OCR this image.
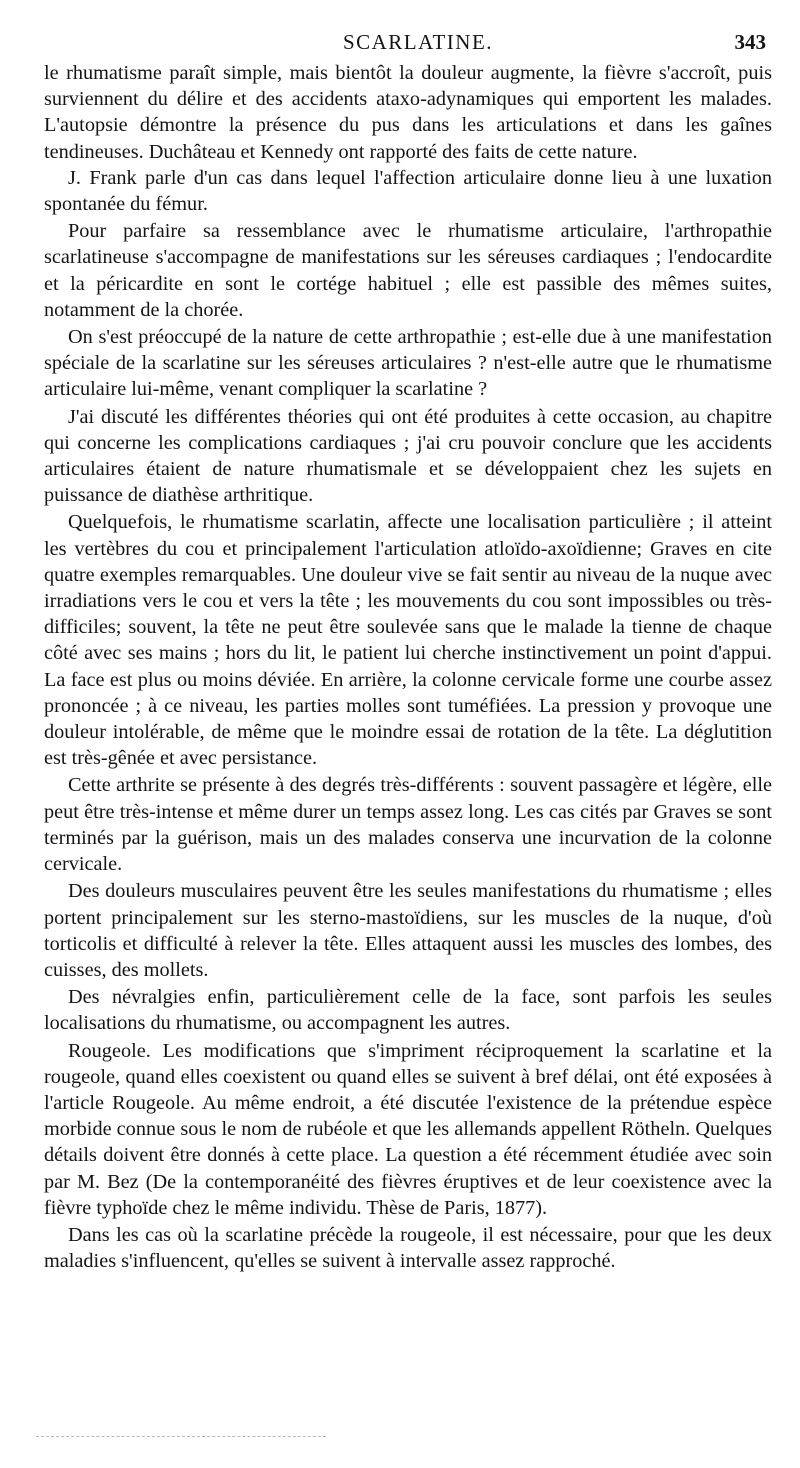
SCARLATINE.	343

le rhumatisme paraît simple, mais bientôt la douleur augmente, la fièvre s'accroît, puis surviennent du délire et des accidents ataxo-adynamiques qui emportent les malades. L'autopsie démontre la présence du pus dans les articulations et dans les gaînes tendineuses. Duchâteau et Kennedy ont rapporté des faits de cette nature.

J. Frank parle d'un cas dans lequel l'affection articulaire donne lieu à une luxation spontanée du fémur.

Pour parfaire sa ressemblance avec le rhumatisme articulaire, l'arthropathie scarlatineuse s'accompagne de manifestations sur les séreuses cardiaques ; l'endocardite et la péricardite en sont le cortége habituel ; elle est passible des mêmes suites, notamment de la chorée.

On s'est préoccupé de la nature de cette arthropathie ; est-elle due à une manifestation spéciale de la scarlatine sur les séreuses articulaires ? n'est-elle autre que le rhumatisme articulaire lui-même, venant compliquer la scarlatine ?

J'ai discuté les différentes théories qui ont été produites à cette occasion, au chapitre qui concerne les complications cardiaques ; j'ai cru pouvoir conclure que les accidents articulaires étaient de nature rhumatismale et se développaient chez les sujets en puissance de diathèse arthritique.

Quelquefois, le rhumatisme scarlatin, affecte une localisation particulière ; il atteint les vertèbres du cou et principalement l'articulation atloïdo-axoïdienne; Graves en cite quatre exemples remarquables. Une douleur vive se fait sentir au niveau de la nuque avec irradiations vers le cou et vers la tête ; les mouvements du cou sont impossibles ou très-difficiles; souvent, la tête ne peut être soulevée sans que le malade la tienne de chaque côté avec ses mains ; hors du lit, le patient lui cherche instinctivement un point d'appui. La face est plus ou moins déviée. En arrière, la colonne cervicale forme une courbe assez prononcée ; à ce niveau, les parties molles sont tuméfiées. La pression y provoque une douleur intolérable, de même que le moindre essai de rotation de la tête. La déglutition est très-gênée et avec persistance.

Cette arthrite se présente à des degrés très-différents : souvent passagère et légère, elle peut être très-intense et même durer un temps assez long. Les cas cités par Graves se sont terminés par la guérison, mais un des malades conserva une incurvation de la colonne cervicale.

Des douleurs musculaires peuvent être les seules manifestations du rhumatisme ; elles portent principalement sur les sterno-mastoïdiens, sur les muscles de la nuque, d'où torticolis et difficulté à relever la tête. Elles attaquent aussi les muscles des lombes, des cuisses, des mollets.

Des névralgies enfin, particulièrement celle de la face, sont parfois les seules localisations du rhumatisme, ou accompagnent les autres.

Rougeole. Les modifications que s'impriment réciproquement la scarlatine et la rougeole, quand elles coexistent ou quand elles se suivent à bref délai, ont été exposées à l'article Rougeole. Au même endroit, a été discutée l'existence de la prétendue espèce morbide connue sous le nom de rubéole et que les allemands appellent Rötheln. Quelques détails doivent être donnés à cette place. La question a été récemment étudiée avec soin par M. Bez (De la contemporanéité des fièvres éruptives et de leur coexistence avec la fièvre typhoïde chez le même individu. Thèse de Paris, 1877).

Dans les cas où la scarlatine précède la rougeole, il est nécessaire, pour que les deux maladies s'influencent, qu'elles se suivent à intervalle assez rapproché.
